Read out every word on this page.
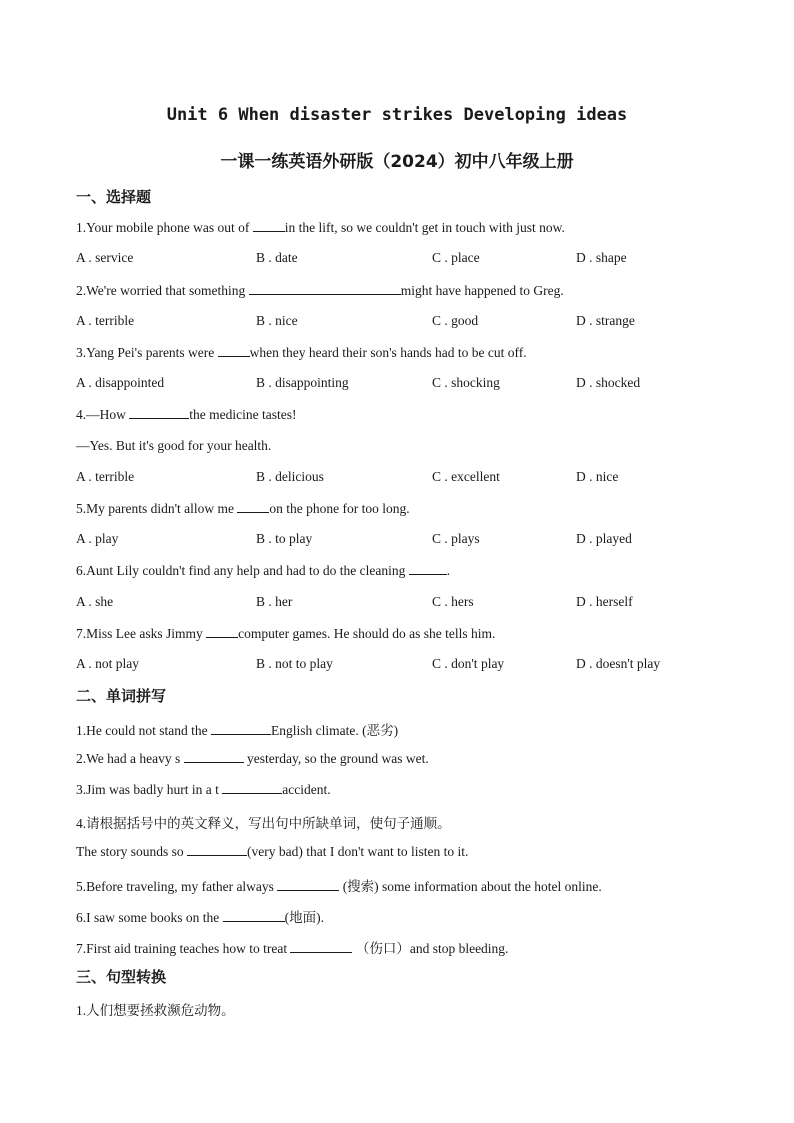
Unit 6 When disaster strikes Developing ideas
一课一练英语外研版（2024）初中八年级上册
一、选择题
1.Your mobile phone was out of in the lift, so we couldn't get in touch with just now.
A . service	B . date	C . place	D . shape
2.We're worried that something	might have happened to Greg.
A . terrible	B . nice	C . good	D . strange
3.Yang Pei's parents were when they heard their son's hands had to be cut off.
A . disappointed	B . disappointing	C . shocking	D . shocked
4.—How	the medicine tastes!
—Yes. But it's good for your health.
A . terrible	B . delicious	C . excellent	D . nice
5.My parents didn't allow me on the phone for too long.
A . play	B . to play	C . plays	D . played
6.Aunt Lily couldn't find any help and had to do the cleaning	.
A . she	B . her	C . hers	D . herself
7.Miss Lee asks Jimmy computer games. He should do as she tells him.
A . not play	B . not to play	C . don't play	D . doesn't play
二、单词拼写
1.He could not stand the	English climate. (恶劣)
2.We had a heavy s	yesterday, so the ground was wet.
3.Jim was badly hurt in a t	accident.
4.请根据括号中的英文释义，写出句中所缺单词，使句子通顺。
The story sounds so	(very bad) that I don't want to listen to it.
5.Before traveling, my father always	(搜索) some information about the hotel online.
6.I saw some books on the	(地面).
7.First aid training teaches how to treat	（伤口）and stop bleeding.
三、句型转换
1.人们想要拯救濒危动物。
